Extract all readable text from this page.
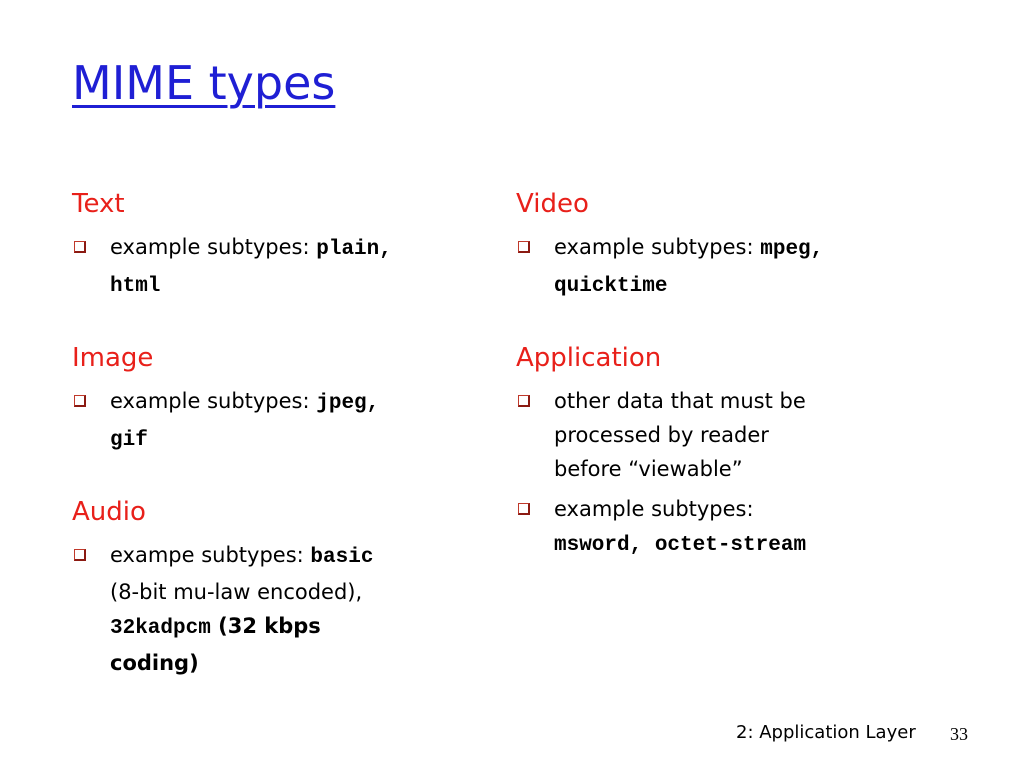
MIME types
Text
example subtypes: plain,
html
Image
example subtypes: jpeg,
gif
Audio
exampe subtypes: basic
(8-bit mu-law encoded),
32kadpcm (32 kbps
coding)
Video
example subtypes: mpeg,
quicktime
Application
other data that must be
processed by reader
before “viewable”
example subtypes:
msword, octet-stream
2: Application Layer 33
